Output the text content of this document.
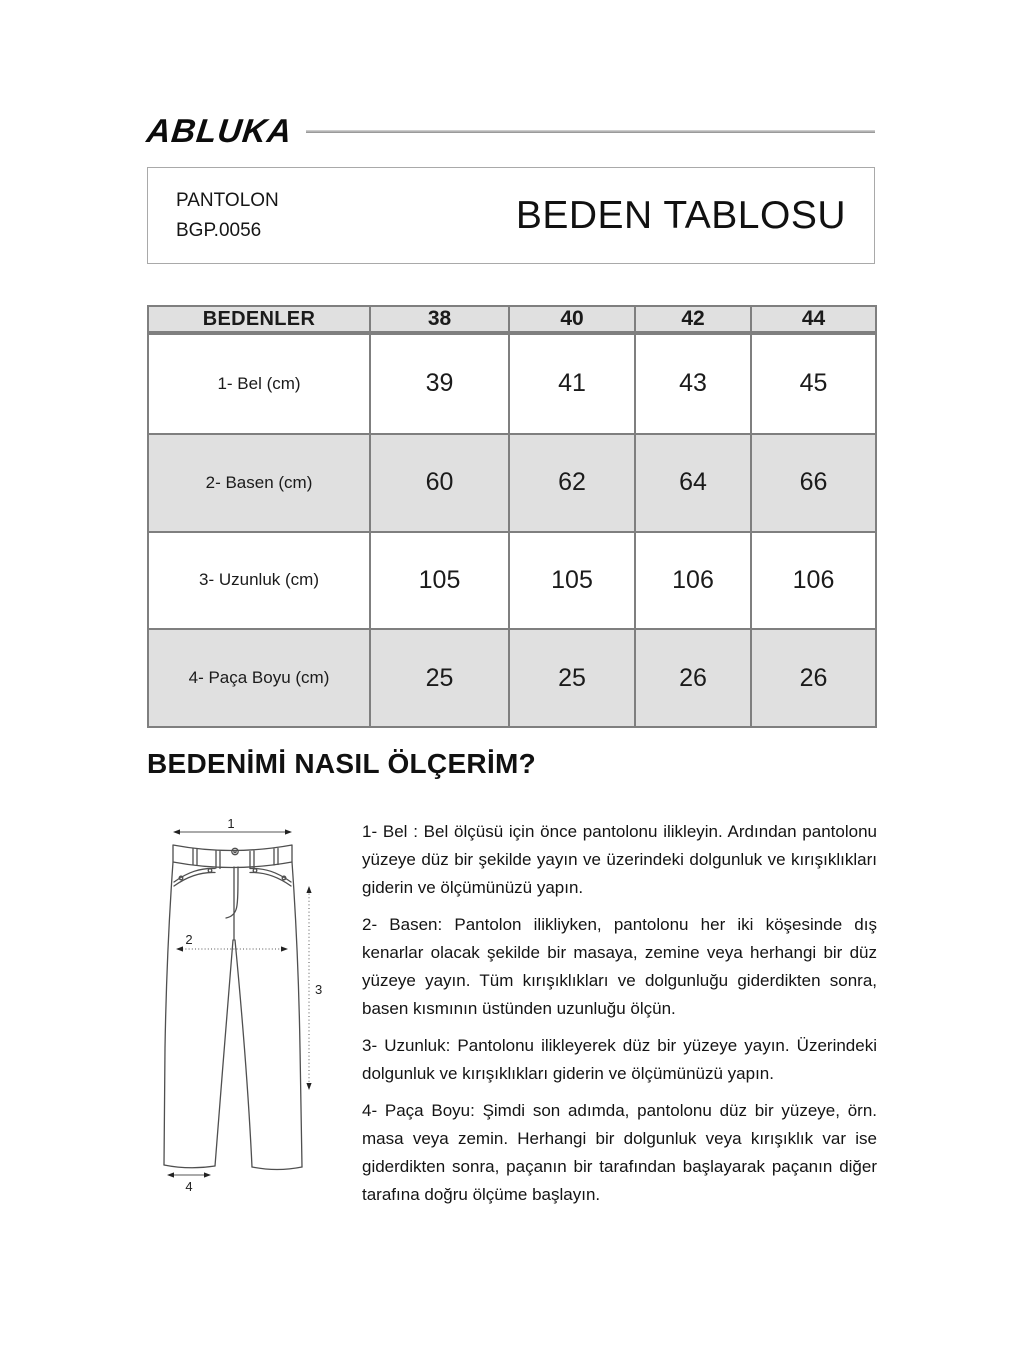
ABLUKA
PANTOLON
BGP.0056	BEDEN TABLOSU
BEDENLER	38	40	42	44
1- Bel (cm)	39	41	43	45
2- Basen (cm)	60	62	64	66
3- Uzunluk (cm)	105	105	106	106
4- Paça Boyu (cm)	25	25	26	26
BEDENİMİ NASIL ÖLÇERİM?
1
2
3
4

1- Bel : Bel ölçüsü için önce pantolonu ilikleyin. Ardından pantolonu yüzeye düz bir şekilde yayın ve üzerindeki dolgunluk ve kırışıklıkları giderin ve ölçümünüzü yapın.

2- Basen: Pantolon ilikliyken, pantolonu her iki köşesinde dış kenarlar olacak şekilde bir masaya, zemine veya herhangi bir düz yüzeye yayın. Tüm kırışıklıkları ve dolgunluğu giderdikten sonra, basen kısmının üstünden uzunluğu ölçün.

3- Uzunluk: Pantolonu ilikleyerek düz bir yüzeye yayın. Üzerindeki dolgunluk ve kırışıklıkları giderin ve ölçümünüzü yapın.

4- Paça Boyu: Şimdi son adımda, pantolonu düz bir yüzeye, örn. masa veya zemin. Herhangi bir dolgunluk veya kırışıklık var ise giderdikten sonra, paçanın bir tarafından başlayarak paçanın diğer tarafına doğru ölçüme başlayın.
